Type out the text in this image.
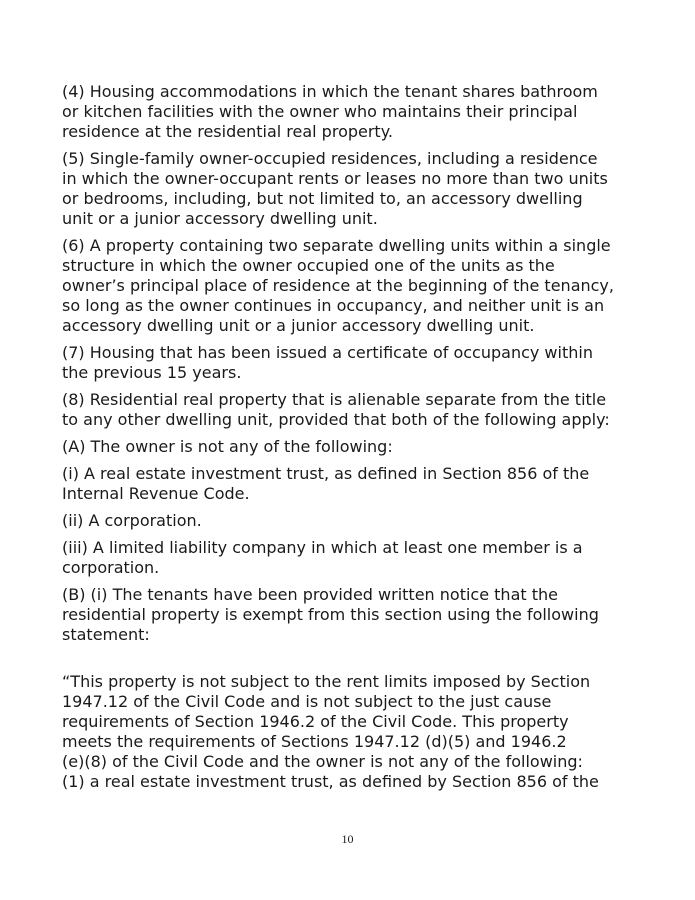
(4) Housing accommodations in which the tenant shares bathroom
or kitchen facilities with the owner who maintains their principal
residence at the residential real property.
(5) Single-family owner-occupied residences, including a residence
in which the owner-occupant rents or leases no more than two units
or bedrooms, including, but not limited to, an accessory dwelling
unit or a junior accessory dwelling unit.
(6) A property containing two separate dwelling units within a single
structure in which the owner occupied one of the units as the
owner’s principal place of residence at the beginning of the tenancy,
so long as the owner continues in occupancy, and neither unit is an
accessory dwelling unit or a junior accessory dwelling unit.
(7) Housing that has been issued a certificate of occupancy within
the previous 15 years.
(8) Residential real property that is alienable separate from the title
to any other dwelling unit, provided that both of the following apply:
(A) The owner is not any of the following:
(i) A real estate investment trust, as defined in Section 856 of the
Internal Revenue Code.
(ii) A corporation.
(iii) A limited liability company in which at least one member is a
corporation.
(B) (i) The tenants have been provided written notice that the
residential property is exempt from this section using the following
statement:
“This property is not subject to the rent limits imposed by Section
1947.12 of the Civil Code and is not subject to the just cause
requirements of Section 1946.2 of the Civil Code. This property
meets the requirements of Sections 1947.12 (d)(5) and 1946.2
(e)(8) of the Civil Code and the owner is not any of the following:
(1) a real estate investment trust, as defined by Section 856 of the
10
